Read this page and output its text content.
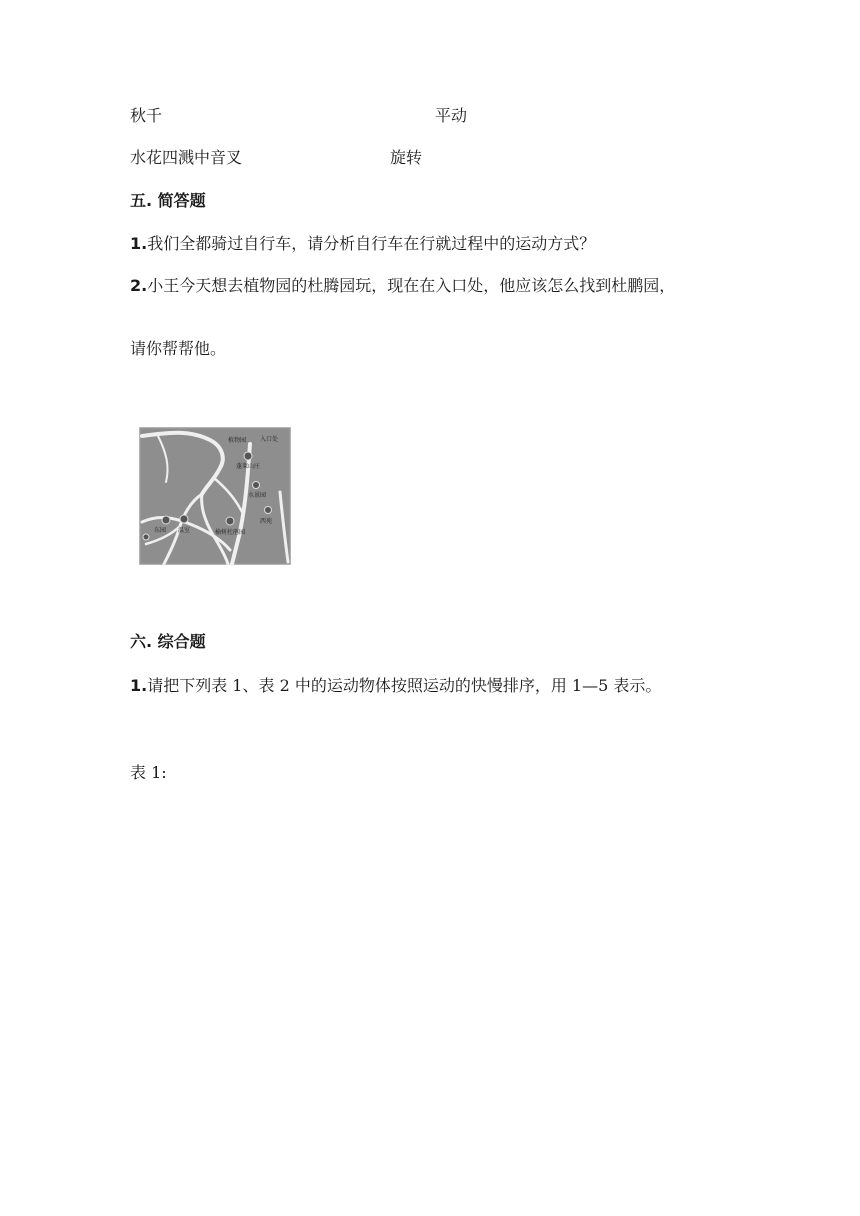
秋千	平动
水花四溅中音叉	旋转
五. 简答题
1.我们全都骑过自行车，请分析自行车在行就过程中的运动方式？
2.小王今天想去植物园的杜腾园玩，现在在入口处，他应该怎么找到杜鹏园，
请你帮帮他。
植物园 入口处
蓬莱山庄
水景园
东园 温室	榆树杜鹃园
西苑
六. 综合题
1.请把下列表 1、表 2 中的运动物体按照运动的快慢排序，用 1—5 表示。
表 1:
